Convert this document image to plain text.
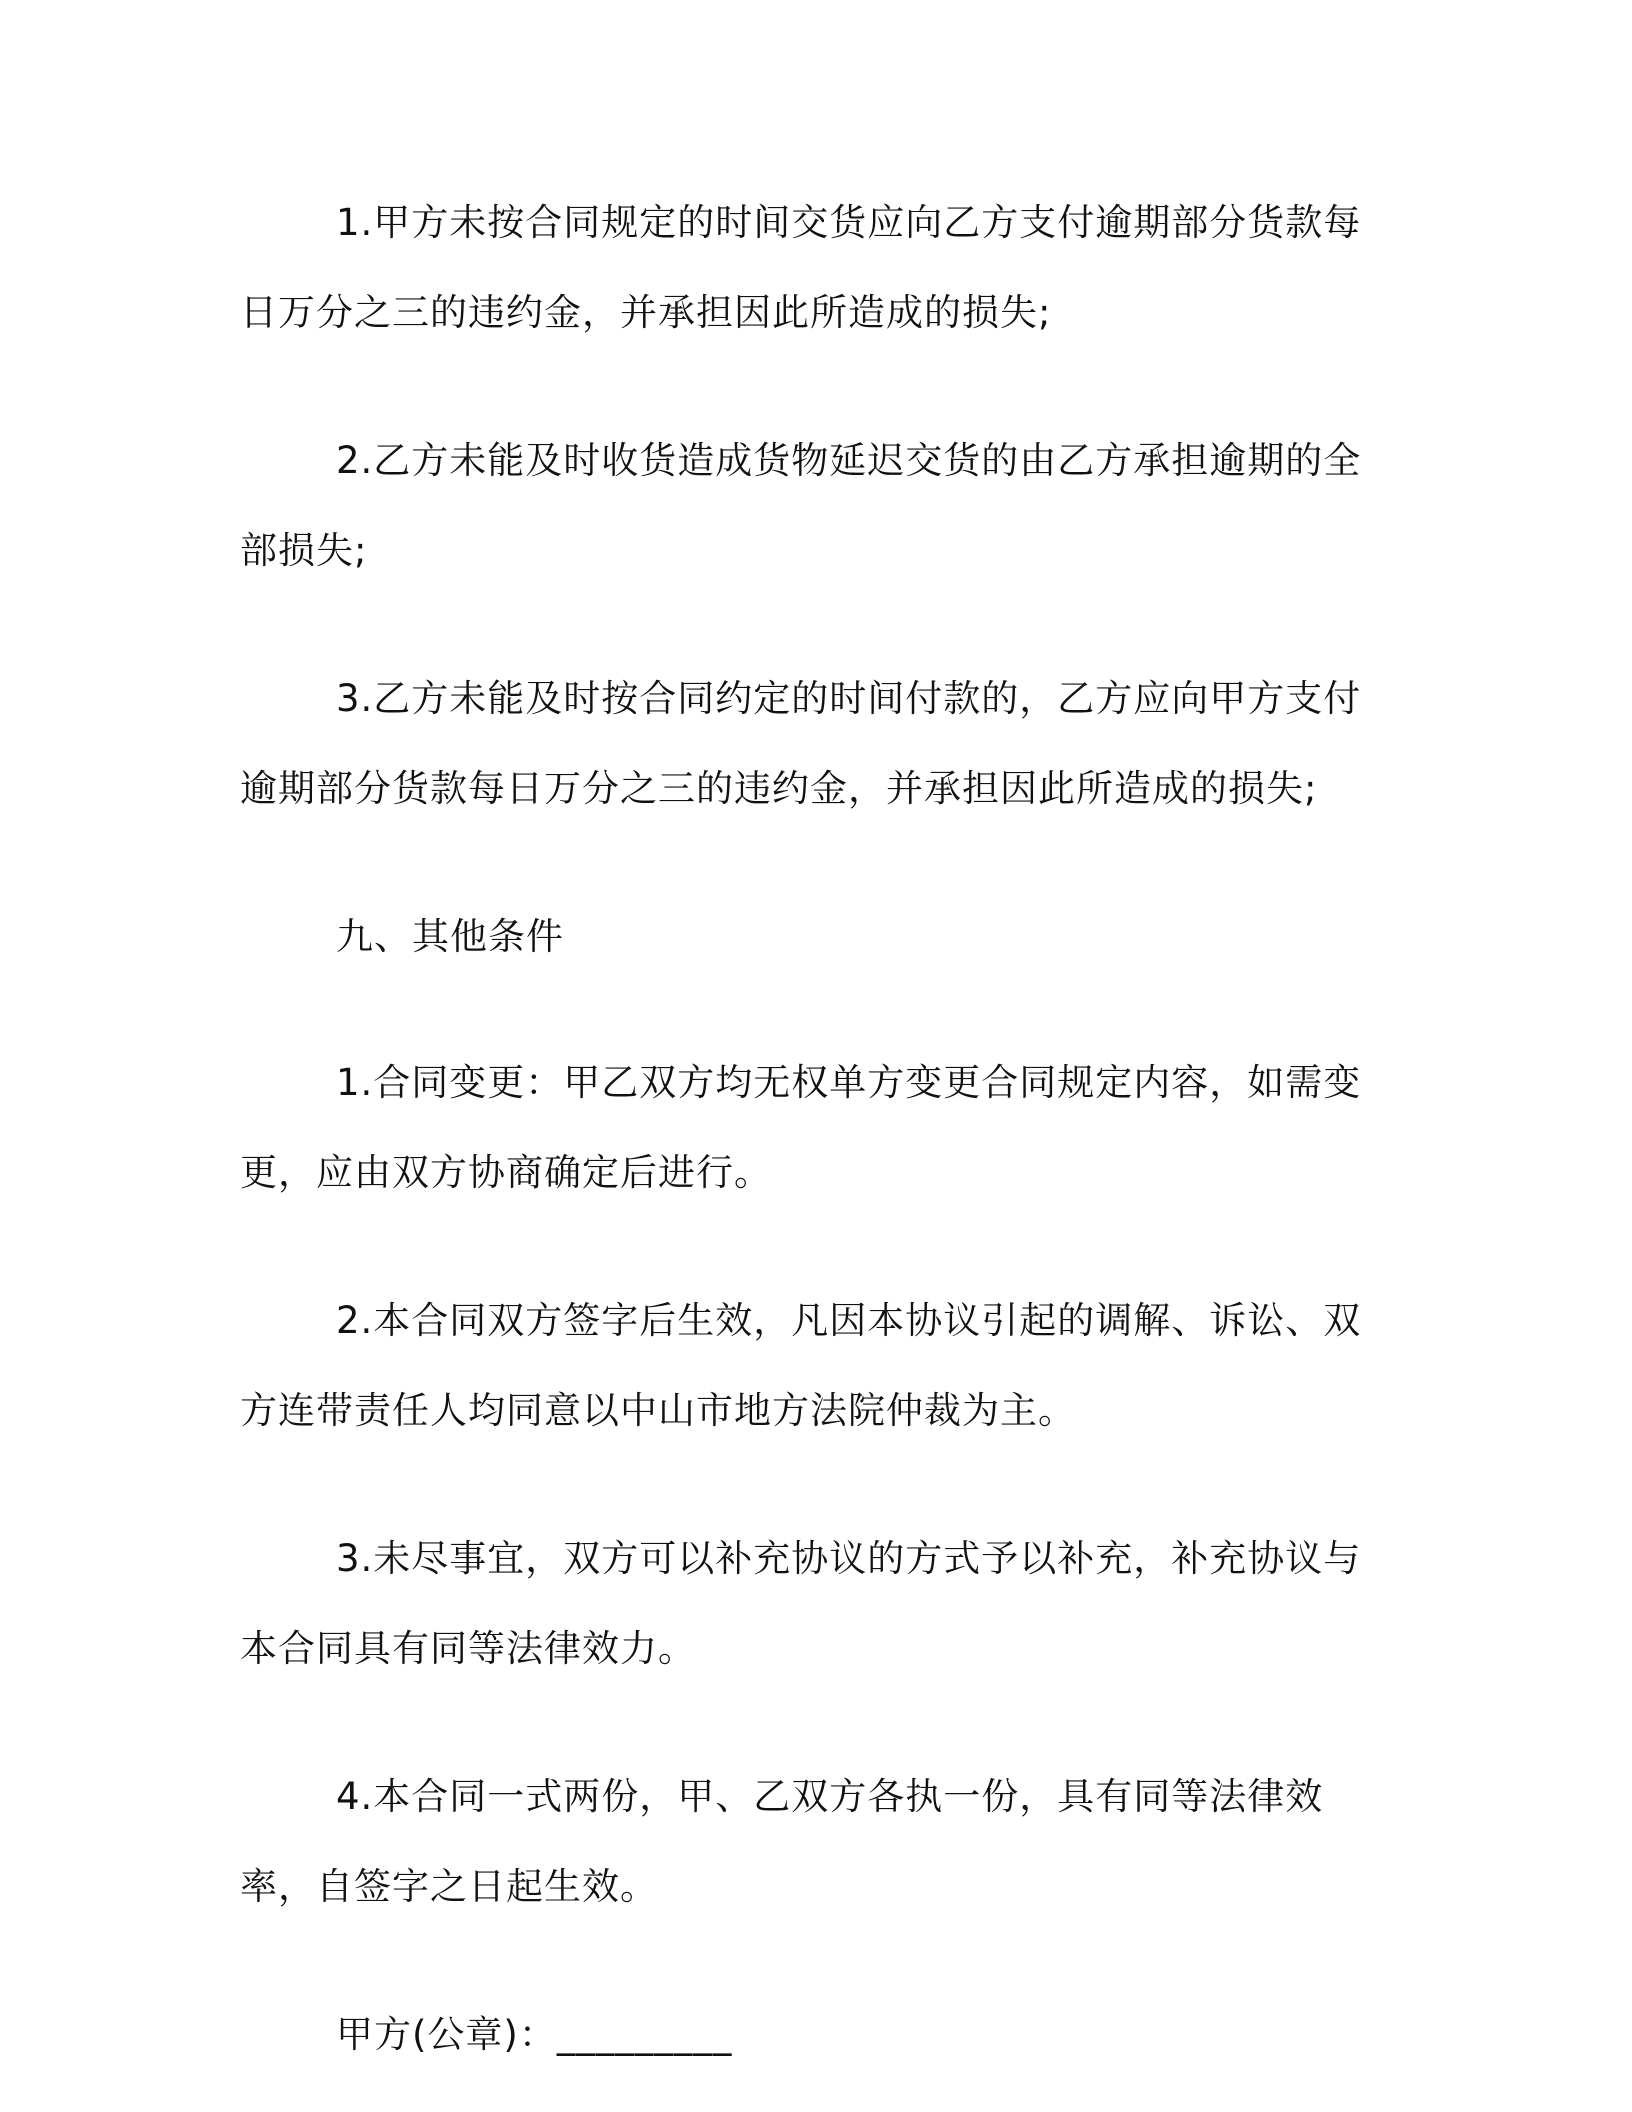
1.甲方未按合同规定的时间交货应向乙方支付逾期部分货款每日万分之三的违约金，并承担因此所造成的损失;

2.乙方未能及时收货造成货物延迟交货的由乙方承担逾期的全部损失;

3.乙方未能及时按合同约定的时间付款的，乙方应向甲方支付逾期部分货款每日万分之三的违约金，并承担因此所造成的损失;

九、其他条件

1.合同变更：甲乙双方均无权单方变更合同规定内容，如需变更，应由双方协商确定后进行。

2.本合同双方签字后生效，凡因本协议引起的调解、诉讼、双方连带责任人均同意以中山市地方法院仲裁为主。

3.未尽事宜，双方可以补充协议的方式予以补充，补充协议与本合同具有同等法律效力。

4.本合同一式两份，甲、乙双方各执一份，具有同等法律效率，自签字之日起生效。

甲方(公章)：_________
